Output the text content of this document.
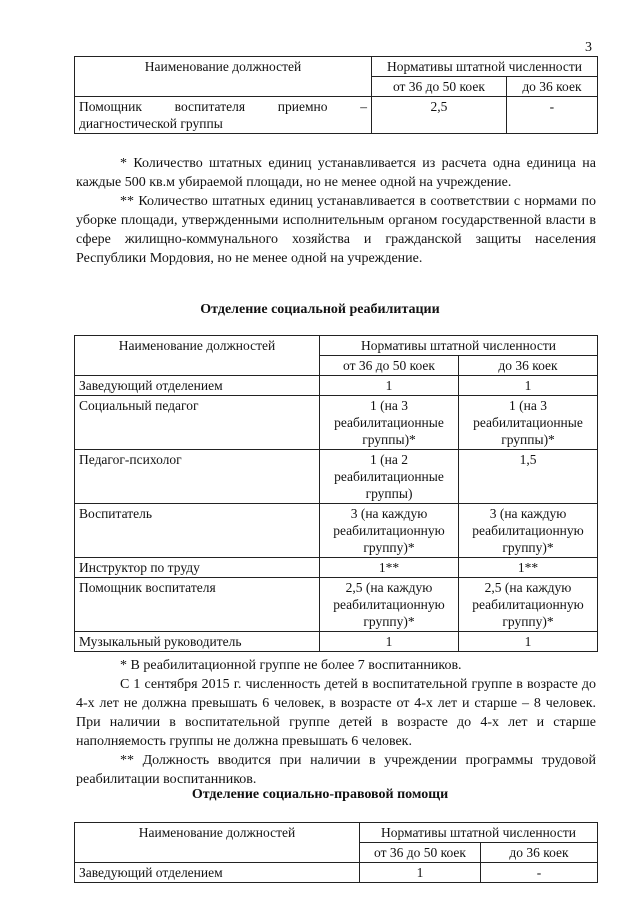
3
Наименование должностей	Нормативы штатной численности	
	от 36 до 50 коек	до 36 коек
Помощник воспитателя приемно – диагностической группы	2,5	-

* Количество штатных единиц устанавливается из расчета одна единица на каждые 500 кв.м убираемой площади, но не менее одной на учреждение.

** Количество штатных единиц устанавливается в соответствии с нормами по уборке площади, утвержденными исполнительным органом государственной власти в сфере жилищно-коммунального хозяйства и гражданской защиты населения Республики Мордовия, но не менее одной на учреждение.

Отделение социальной реабилитации
Наименование должностей	Нормативы штатной численности	
	от 36 до 50 коек	до 36 коек
Заведующий отделением	1	1
Социальный педагог	1 (на 3 реабилитационные группы)*	1 (на 3 реабилитационные группы)*
Педагог-психолог	1 (на 2 реабилитационные группы)	1,5
Воспитатель	3 (на каждую реабилитационную группу)*	3 (на каждую реабилитационную группу)*
Инструктор по труду	1**	1**
Помощник воспитателя	2,5 (на каждую реабилитационную группу)*	2,5 (на каждую реабилитационную группу)*
Музыкальный руководитель	1	1

* В реабилитационной группе не более 7 воспитанников.

С 1 сентября 2015 г. численность детей в воспитательной группе в возрасте до 4-х лет не должна превышать 6 человек, в возрасте от 4-х лет и старше – 8 человек. При наличии в воспитательной группе детей в возрасте до 4-х лет и старше наполняемость группы не должна превышать 6 человек.

** Должность вводится при наличии в учреждении программы трудовой реабилитации воспитанников.

Отделение социально-правовой помощи
Наименование должностей	Нормативы штатной численности	
	от 36 до 50 коек	до 36 коек
Заведующий отделением	1	-
